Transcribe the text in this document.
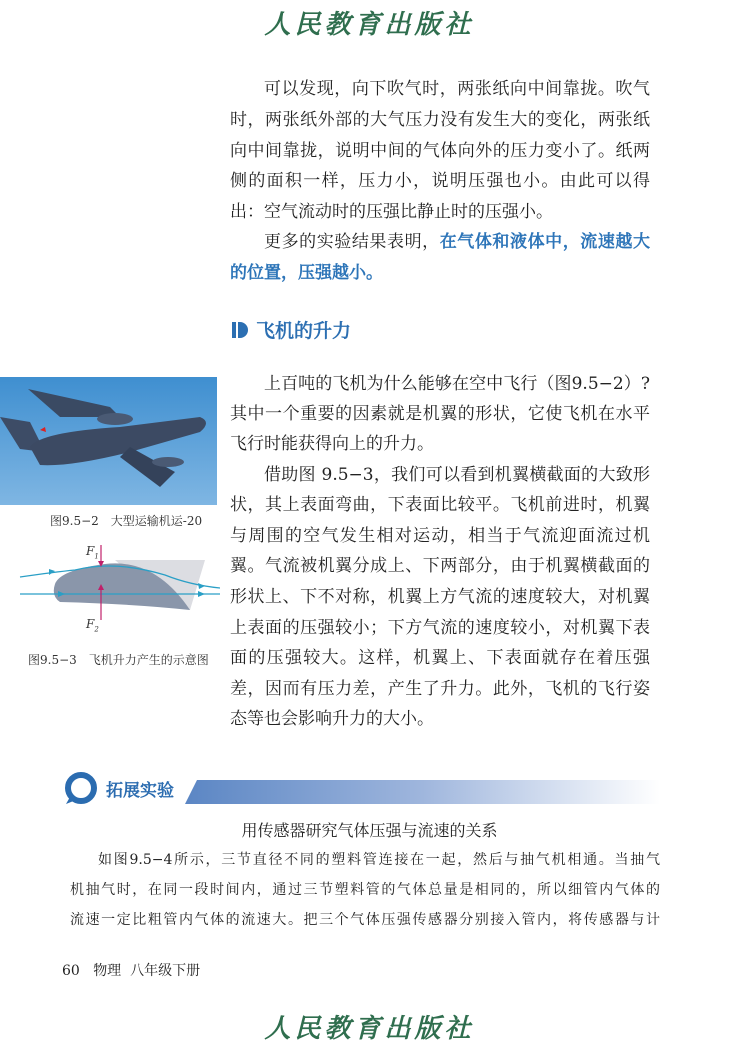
人民教育出版社
可以发现，向下吹气时，两张纸向中间靠拢。吹气
时，两张纸外部的大气压力没有发生大的变化，两张纸
向中间靠拢，说明中间的气体向外的压力变小了。纸两
侧的面积一样，压力小，说明压强也小。由此可以得
出：空气流动时的压强比静止时的压强小。
更多的实验结果表明，在气体和液体中，流速越大
的位置，压强越小。
飞机的升力
上百吨的飞机为什么能够在空中飞行（图9.5−2）?
其中一个重要的因素就是机翼的形状，它使飞机在水平
飞行时能获得向上的升力。
借助图 9.5−3，我们可以看到机翼横截面的大致形
状，其上表面弯曲，下表面比较平。飞机前进时，机翼
与周围的空气发生相对运动，相当于气流迎面流过机
翼。气流被机翼分成上、下两部分，由于机翼横截面的
形状上、下不对称，机翼上方气流的速度较大，对机翼
上表面的压强较小；下方气流的速度较小，对机翼下表
面的压强较大。这样，机翼上、下表面就存在着压强
差，因而有压力差，产生了升力。此外，飞机的飞行姿
态等也会影响升力的大小。
图9.5−2　大型运输机运-20
$F_1$
$F_2$
图9.5−3　飞机升力产生的示意图
拓展实验
用传感器研究气体压强与流速的关系
如图9.5−4所示，三节直径不同的塑料管连接在一起，然后与抽气机相通。当抽气
机抽气时，在同一段时间内，通过三节塑料管的气体总量是相同的，所以细管内气体的
流速一定比粗管内气体的流速大。把三个气体压强传感器分别接入管内，将传感器与计
60 物理 八年级下册
人民教育出版社
